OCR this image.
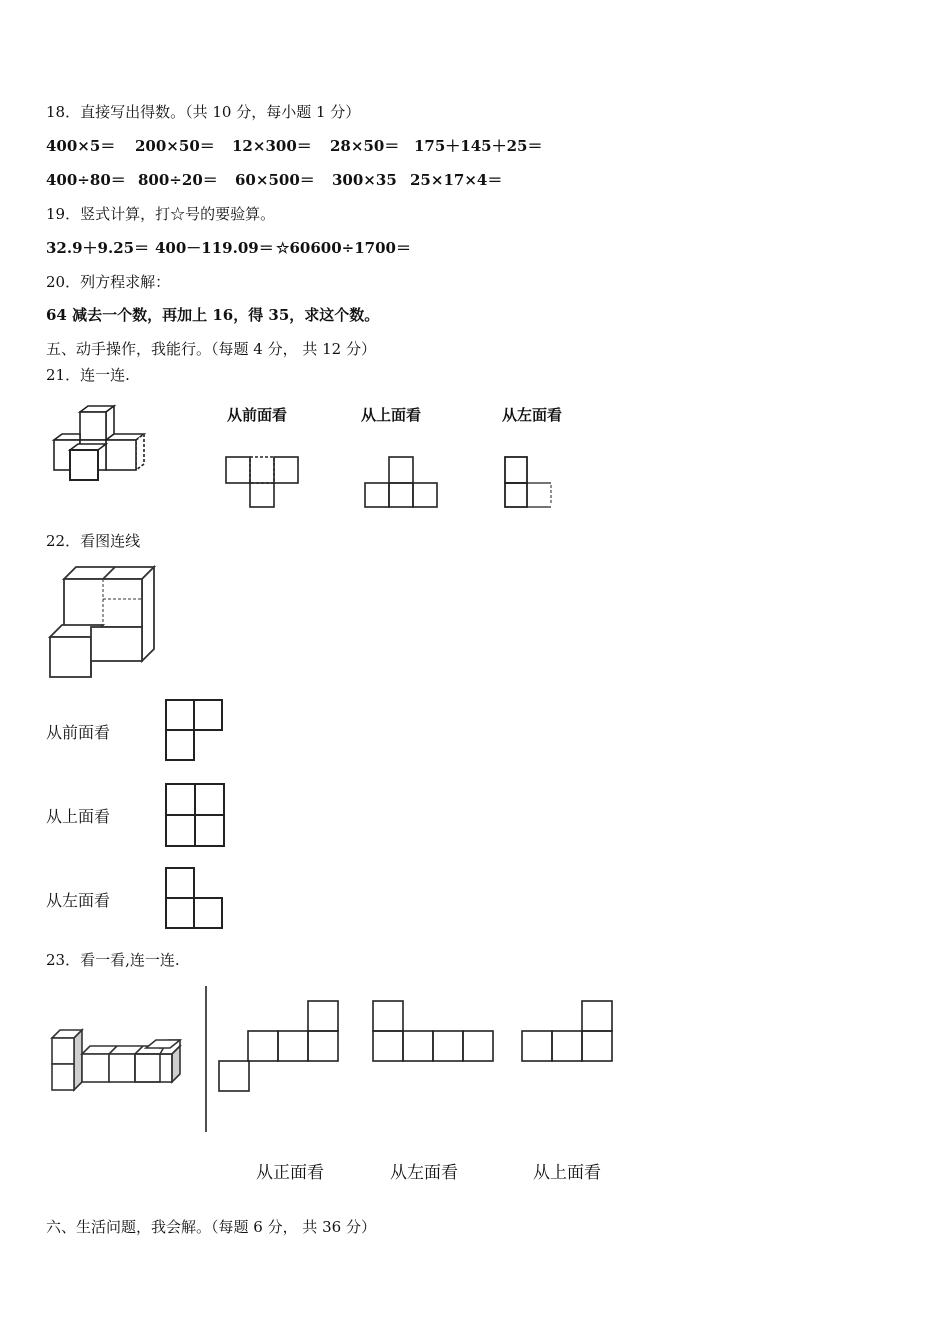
18．直接写出得数。（共 10 分，每小题 1 分）
400×5＝ 200×50＝ 12×300＝ 28×50＝ 175＋145＋25＝
400÷80＝ 800÷20＝ 60×500＝ 300×35 25×17×4＝
19．竖式计算，打☆号的要验算。
32.9＋9.25＝ 400－119.09＝ ☆60600÷1700＝
20．列方程求解：
64 减去一个数，再加上 16，得 35，求这个数。
五、动手操作，我能行。（每题 4 分， 共 12 分）
21．连一连.
从前面看	从上面看	从左面看
22．看图连线
从前面看
从上面看
从左面看
23．看一看,连一连.
从正面看	从左面看	从上面看
六、生活问题，我会解。（每题 6 分， 共 36 分）
